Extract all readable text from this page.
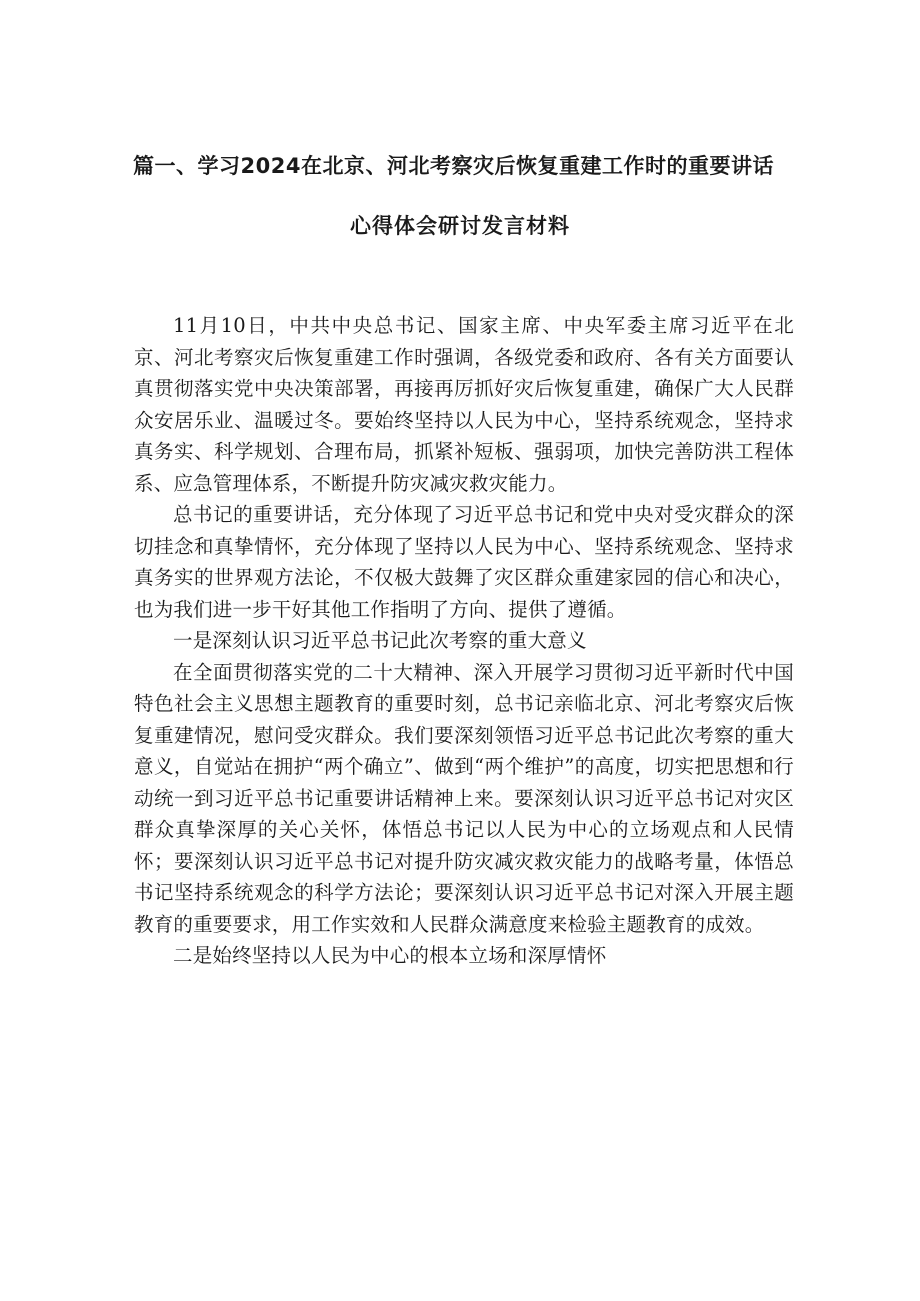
篇一、学习2024在北京、河北考察灾后恢复重建工作时的重要讲话
心得体会研讨发言材料

11月10日，中共中央总书记、国家主席、中央军委主席习近平在北京、河北考察灾后恢复重建工作时强调，各级党委和政府、各有关方面要认真贯彻落实党中央决策部署，再接再厉抓好灾后恢复重建，确保广大人民群众安居乐业、温暖过冬。要始终坚持以人民为中心，坚持系统观念，坚持求真务实、科学规划、合理布局，抓紧补短板、强弱项，加快完善防洪工程体系、应急管理体系，不断提升防灾减灾救灾能力。

总书记的重要讲话，充分体现了习近平总书记和党中央对受灾群众的深切挂念和真挚情怀，充分体现了坚持以人民为中心、坚持系统观念、坚持求真务实的世界观方法论，不仅极大鼓舞了灾区群众重建家园的信心和决心，也为我们进一步干好其他工作指明了方向、提供了遵循。

一是深刻认识习近平总书记此次考察的重大意义

在全面贯彻落实党的二十大精神、深入开展学习贯彻习近平新时代中国特色社会主义思想主题教育的重要时刻，总书记亲临北京、河北考察灾后恢复重建情况，慰问受灾群众。我们要深刻领悟习近平总书记此次考察的重大意义，自觉站在拥护“两个确立”、做到“两个维护”的高度，切实把思想和行动统一到习近平总书记重要讲话精神上来。要深刻认识习近平总书记对灾区群众真挚深厚的关心关怀，体悟总书记以人民为中心的立场观点和人民情怀；要深刻认识习近平总书记对提升防灾减灾救灾能力的战略考量，体悟总书记坚持系统观念的科学方法论；要深刻认识习近平总书记对深入开展主题教育的重要要求，用工作实效和人民群众满意度来检验主题教育的成效。

二是始终坚持以人民为中心的根本立场和深厚情怀
